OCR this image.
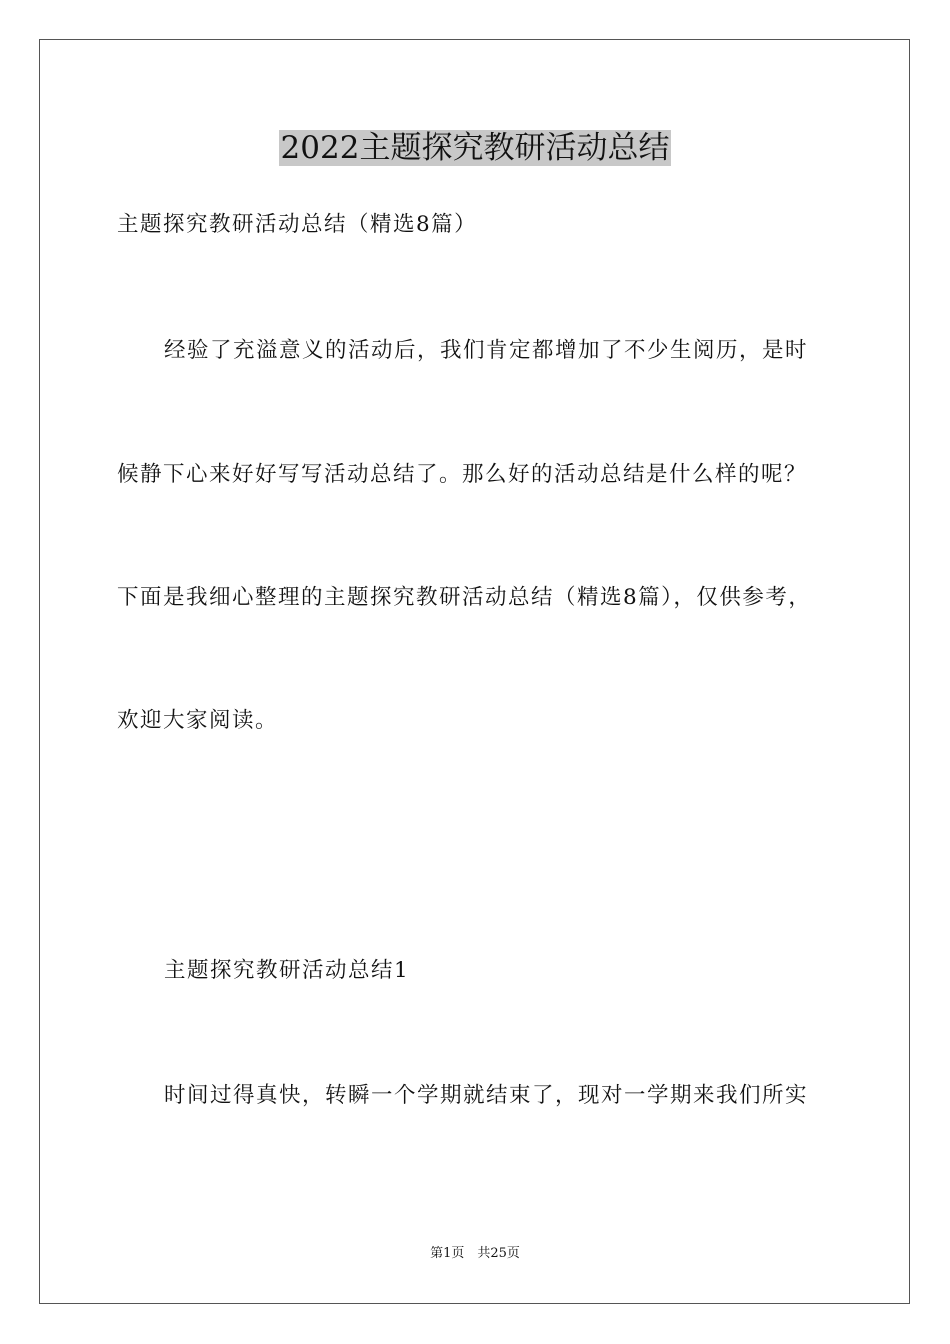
2022主题探究教研活动总结

主题探究教研活动总结（精选8篇）

经验了充溢意义的活动后，我们肯定都增加了不少生阅历，是时

候静下心来好好写写活动总结了。那么好的活动总结是什么样的呢？

下面是我细心整理的主题探究教研活动总结（精选8篇），仅供参考，

欢迎大家阅读。

主题探究教研活动总结1

时间过得真快，转瞬一个学期就结束了，现对一学期来我们所实

第1页　共25页
